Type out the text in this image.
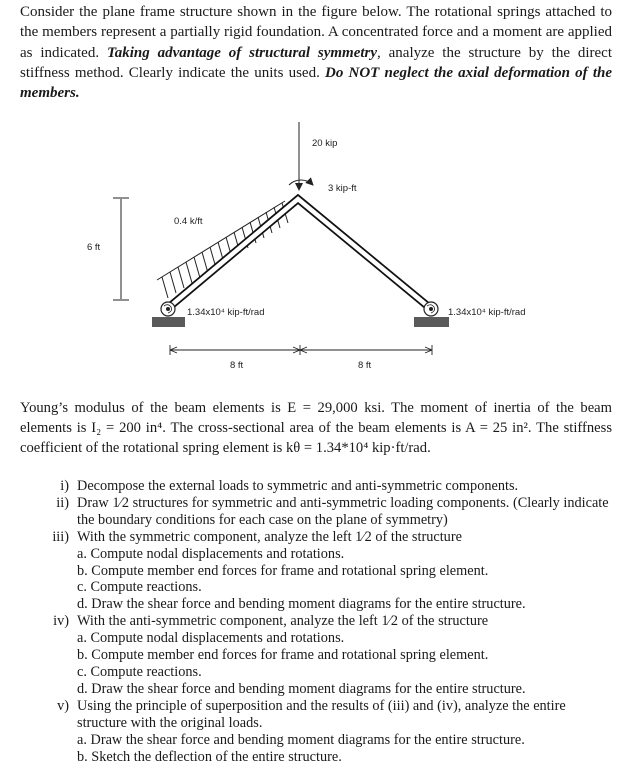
Consider the plane frame structure shown in the figure below. The rotational springs attached to the members represent a partially rigid foundation. A concentrated force and a moment are applied as indicated. Taking advantage of structural symmetry, analyze the structure by the direct stiffness method. Clearly indicate the units used. Do NOT neglect the axial deformation of the members.
6 ft
0.4 k/ft
20 kip
3 kip-ft
1.34x10⁴ kip-ft/rad	1.34x10⁴ kip-ft/rad
8 ft	8 ft
Young’s modulus of the beam elements is E = 29,000 ksi. The moment of inertia of the beam elements is I₂ = 200 in⁴. The cross-sectional area of the beam elements is A = 25 in². The stiffness coefficient of the rotational spring element is kθ = 1.34*10⁴ kip·ft/rad.
i) Decompose the external loads to symmetric and anti-symmetric components.
ii) Draw 1⁄2 structures for symmetric and anti-symmetric loading components. (Clearly indicate the boundary conditions for each case on the plane of symmetry)
iii) With the symmetric component, analyze the left 1⁄2 of the structure
a. Compute nodal displacements and rotations.
b. Compute member end forces for frame and rotational spring element.
c. Compute reactions.
d. Draw the shear force and bending moment diagrams for the entire structure.
iv) With the anti-symmetric component, analyze the left 1⁄2 of the structure
a. Compute nodal displacements and rotations.
b. Compute member end forces for frame and rotational spring element.
c. Compute reactions.
d. Draw the shear force and bending moment diagrams for the entire structure.
v) Using the principle of superposition and the results of (iii) and (iv), analyze the entire structure with the original loads.
a. Draw the shear force and bending moment diagrams for the entire structure.
b. Sketch the deflection of the entire structure.
